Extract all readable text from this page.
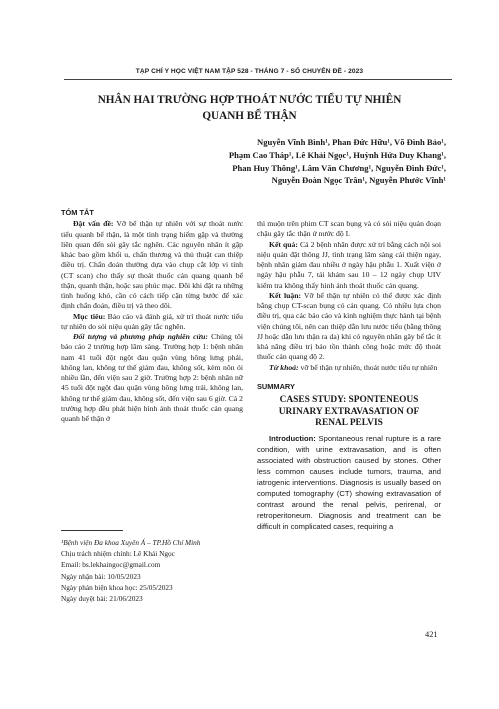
TẠP CHÍ Y HỌC VIỆT NAM TẬP 528 - THÁNG 7 - SỐ CHUYÊN ĐỀ - 2023
NHÂN HAI TRƯỜNG HỢP THOÁT NƯỚC TIỂU TỰ NHIÊN
QUANH BỂ THẬN
Nguyễn Vĩnh Bình¹, Phan Đức Hữu¹, Võ Đình Bảo¹,
Phạm Cao Tháp¹, Lê Khải Ngọc¹, Huỳnh Hứa Duy Khang¹,
Phan Huy Thông¹, Lâm Văn Chương¹, Nguyễn Đình Đức¹,
Nguyễn Đoàn Ngọc Trân¹, Nguyễn Phước Vĩnh¹
TÓM TẮT

Đặt vấn đề: Vỡ bể thận tự nhiên với sự thoát nước tiểu quanh bể thận, là một tình trạng hiếm gặp và thường liên quan đến sỏi gây tắc nghẽn. Các nguyên nhân ít gặp khác bao gồm khối u, chấn thương và thủ thuật can thiệp điều trị. Chẩn đoán thường dựa vào chụp cắt lớp vi tính (CT scan) cho thấy sự thoát thuốc cản quang quanh bể thận, quanh thận, hoặc sau phúc mạc. Đôi khi đặt ra những tình huống khó, cần có cách tiếp cận từng bước để xác định chẩn đoán, điều trị và theo dõi.

Mục tiêu: Báo cáo và đánh giá, xử trí thoát nước tiểu tự nhiên do sỏi niệu quản gây tắc nghẽn.

Đối tượng và phương pháp nghiên cứu: Chúng tôi báo cáo 2 trường hợp lâm sàng. Trường hợp 1: bệnh nhân nam 41 tuổi đột ngột đau quặn vùng hông lưng phải, không lan, không tư thế giảm đau, không sốt, kèm nôn ói nhiều lần, đến viện sau 2 giờ. Trường hợp 2: bệnh nhân nữ 45 tuổi đột ngột đau quặn vùng hông lưng trái, không lan, không tư thế giảm đau, không sốt, đến viện sau 6 giờ. Cả 2 trường hợp đều phát hiện hình ảnh thoát thuốc cản quang quanh bể thận ở

¹Bệnh viện Đa khoa Xuyên Á – TP.Hồ Chí Minh
Chịu trách nhiệm chính: Lê Khải Ngọc
Email: bs.lekhaingoc@gmail.com
Ngày nhận bài: 10/05/2023
Ngày phản biện khoa học: 25/05/2023
Ngày duyệt bài: 21/06/2023

thì muộn trên phim CT scan bụng và có sỏi niệu quản đoạn chậu gây tắc thận ứ nước độ I.

Kết quả: Cả 2 bệnh nhân được xử trí bằng cách nội soi niệu quản đặt thông JJ, tình trạng lâm sàng cải thiện ngay, bệnh nhân giảm đau nhiều ở ngày hậu phẫu 1. Xuất viện ở ngày hậu phẫu 7, tái khám sau 10 – 12 ngày chụp UIV kiểm tra không thấy hình ảnh thoát thuốc cản quang.

Kết luận: Vỡ bể thận tự nhiên có thể được xác định bằng chụp CT-scan bụng có cản quang. Có nhiều lựa chọn điều trị, qua các báo cáo và kinh nghiệm thực hành tại bệnh viện chúng tôi, nên can thiệp dẫn lưu nước tiểu (bằng thông JJ hoặc dẫn lưu thận ra da) khi có nguyên nhân gây bế tắc ít khả năng điều trị bảo tồn thành công hoặc mức độ thoát thuốc cản quang độ 2.

Từ khoá: vỡ bể thận tự nhiên, thoát nước tiểu tự nhiên

SUMMARY
CASES STUDY: SPONTENEOUS
URINARY EXTRAVASATION OF
RENAL PELVIS

Introduction: Spontaneous renal rupture is a rare condition, with urine extravasation, and is often associated with obstruction caused by stones. Other less common causes include tumors, trauma, and iatrogenic interventions. Diagnosis is usually based on computed tomography (CT) showing extravasation of contrast around the renal pelvis, perirenal, or retroperitoneum. Diagnosis and treatment can be difficult in complicated cases, requiring a

421
